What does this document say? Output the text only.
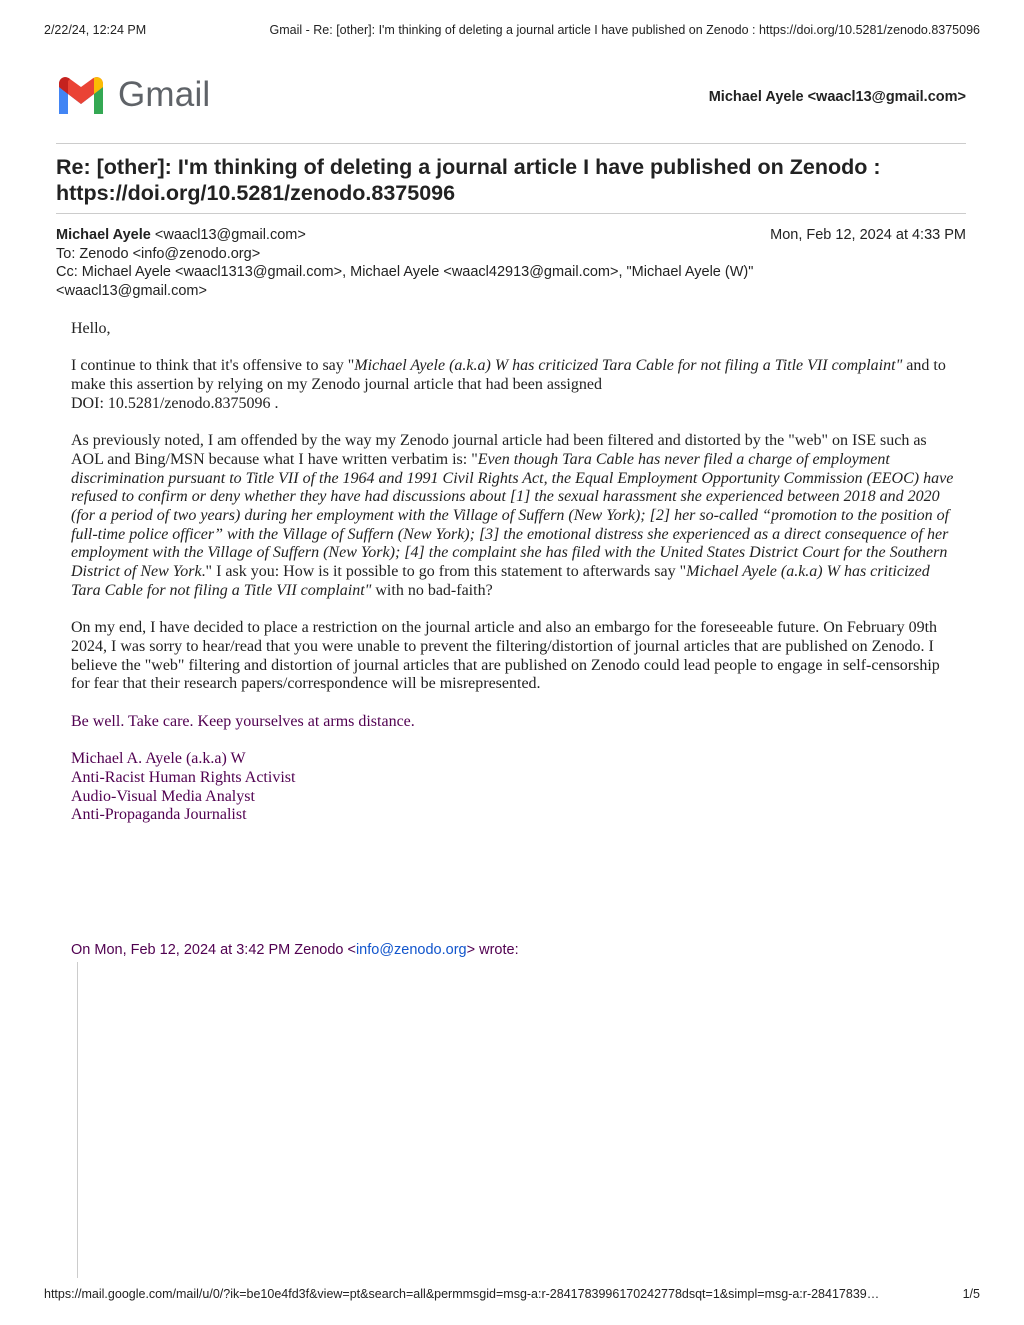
2/22/24, 12:24 PM	Gmail - Re: [other]: I'm thinking of deleting a journal article I have published on Zenodo : https://doi.org/10.5281/zenodo.8375096
Gmail	Michael Ayele <waacl13@gmail.com>
Re: [other]: I'm thinking of deleting a journal article I have published on Zenodo : https://doi.org/10.5281/zenodo.8375096
Michael Ayele <waacl13@gmail.com>	Mon, Feb 12, 2024 at 4:33 PM
To: Zenodo <info@zenodo.org>
Cc: Michael Ayele <waacl1313@gmail.com>, Michael Ayele <waacl42913@gmail.com>, "Michael Ayele (W)"
<waacl13@gmail.com>

Hello,

I continue to think that it's offensive to say "Michael Ayele (a.k.a) W has criticized Tara Cable for not filing a Title VII complaint" and to make this assertion by relying on my Zenodo journal article that had been assigned
DOI: 10.5281/zenodo.8375096 .

As previously noted, I am offended by the way my Zenodo journal article had been filtered and distorted by the "web" on ISE such as AOL and Bing/MSN because what I have written verbatim is: "Even though Tara Cable has never filed a charge of employment discrimination pursuant to Title VII of the 1964 and 1991 Civil Rights Act, the Equal Employment Opportunity Commission (EEOC) have refused to confirm or deny whether they have had discussions about [1] the sexual harassment she experienced between 2018 and 2020 (for a period of two years) during her employment with the Village of Suffern (New York); [2] her so-called “promotion to the position of full-time police officer” with the Village of Suffern (New York); [3] the emotional distress she experienced as a direct consequence of her employment with the Village of Suffern (New York); [4] the complaint she has filed with the United States District Court for the Southern District of New York." I ask you: How is it possible to go from this statement to afterwards say "Michael Ayele (a.k.a) W has criticized Tara Cable for not filing a Title VII complaint" with no bad-faith?

On my end, I have decided to place a restriction on the journal article and also an embargo for the foreseeable future. On February 09th 2024, I was sorry to hear/read that you were unable to prevent the filtering/distortion of journal articles that are published on Zenodo. I believe the "web" filtering and distortion of journal articles that are published on Zenodo could lead people to engage in self-censorship for fear that their research papers/correspondence will be misrepresented.

Be well. Take care. Keep yourselves at arms distance.

Michael A. Ayele (a.k.a) W
Anti-Racist Human Rights Activist
Audio-Visual Media Analyst
Anti-Propaganda Journalist
On Mon, Feb 12, 2024 at 3:42 PM Zenodo <info@zenodo.org> wrote:
https://mail.google.com/mail/u/0/?ik=be10e4fd3f&view=pt&search=all&permmsgid=msg-a:r-2841783996170242778dsqt=1&simpl=msg-a:r-28417839…	1/5
